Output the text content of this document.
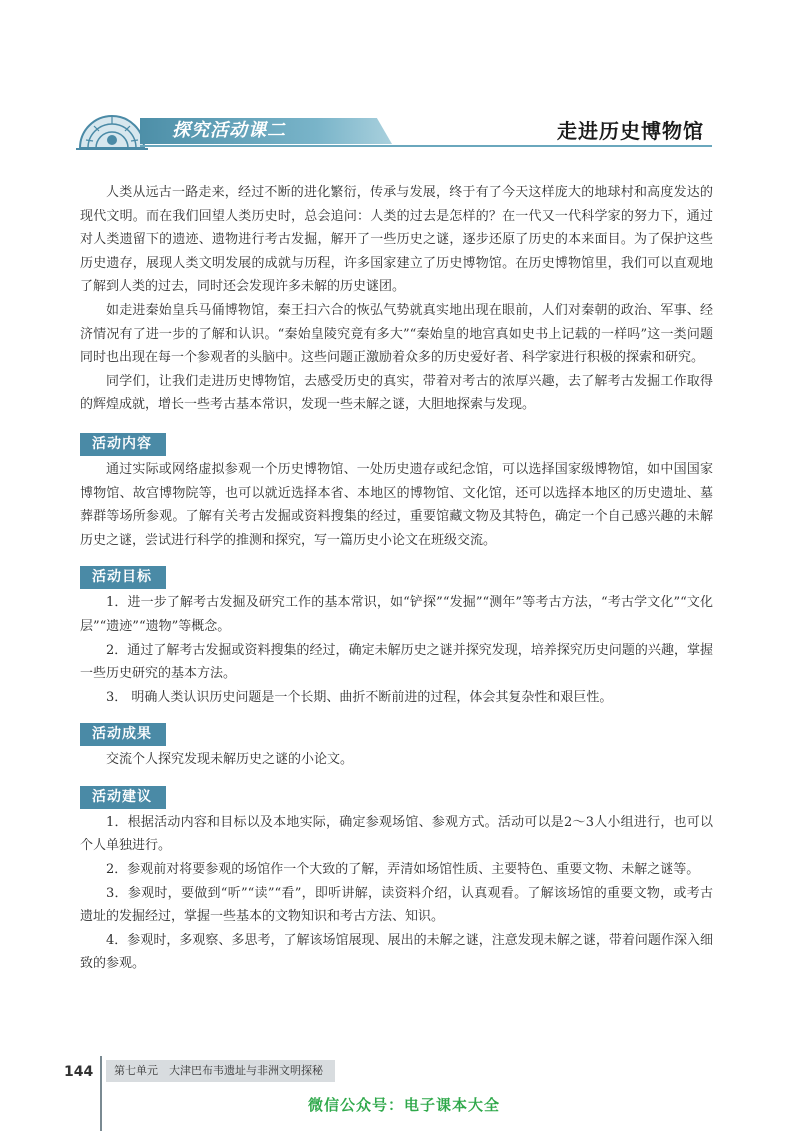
探究活动课二	走进历史博物馆

人类从远古一路走来，经过不断的进化繁衍，传承与发展，终于有了今天这样庞大的地球村和高度发达的现代文明。而在我们回望人类历史时，总会追问：人类的过去是怎样的？在一代又一代科学家的努力下，通过对人类遗留下的遗迹、遗物进行考古发掘，解开了一些历史之谜，逐步还原了历史的本来面目。为了保护这些历史遗存，展现人类文明发展的成就与历程，许多国家建立了历史博物馆。在历史博物馆里，我们可以直观地了解到人类的过去，同时还会发现许多未解的历史谜团。

如走进秦始皇兵马俑博物馆，秦王扫六合的恢弘气势就真实地出现在眼前，人们对秦朝的政治、军事、经济情况有了进一步的了解和认识。“秦始皇陵究竟有多大”“秦始皇的地宫真如史书上记载的一样吗”这一类问题同时也出现在每一个参观者的头脑中。这些问题正激励着众多的历史爱好者、科学家进行积极的探索和研究。

同学们，让我们走进历史博物馆，去感受历史的真实，带着对考古的浓厚兴趣，去了解考古发掘工作取得的辉煌成就，增长一些考古基本常识，发现一些未解之谜，大胆地探索与发现。

活动内容

通过实际或网络虚拟参观一个历史博物馆、一处历史遗存或纪念馆，可以选择国家级博物馆，如中国国家博物馆、故宫博物院等，也可以就近选择本省、本地区的博物馆、文化馆，还可以选择本地区的历史遗址、墓葬群等场所参观。了解有关考古发掘或资料搜集的经过，重要馆藏文物及其特色，确定一个自己感兴趣的未解历史之谜，尝试进行科学的推测和探究，写一篇历史小论文在班级交流。

活动目标

1．进一步了解考古发掘及研究工作的基本常识，如“铲探”“发掘”“测年”等考古方法，“考古学文化”“文化层”“遗迹”“遗物”等概念。

2．通过了解考古发掘或资料搜集的经过，确定未解历史之谜并探究发现，培养探究历史问题的兴趣，掌握一些历史研究的基本方法。

3． 明确人类认识历史问题是一个长期、曲折不断前进的过程，体会其复杂性和艰巨性。

活动成果

交流个人探究发现未解历史之谜的小论文。

活动建议

1．根据活动内容和目标以及本地实际，确定参观场馆、参观方式。活动可以是2～3人小组进行，也可以个人单独进行。

2．参观前对将要参观的场馆作一个大致的了解，弄清如场馆性质、主要特色、重要文物、未解之谜等。

3．参观时，要做到“听”“读”“看”，即听讲解，读资料介绍，认真观看。了解该场馆的重要文物，或考古遗址的发掘经过，掌握一些基本的文物知识和考古方法、知识。

4．参观时，多观察、多思考，了解该场馆展现、展出的未解之谜，注意发现未解之谜，带着问题作深入细致的参观。

144	第七单元　大津巴布韦遗址与非洲文明探秘
微信公众号：电子课本大全
